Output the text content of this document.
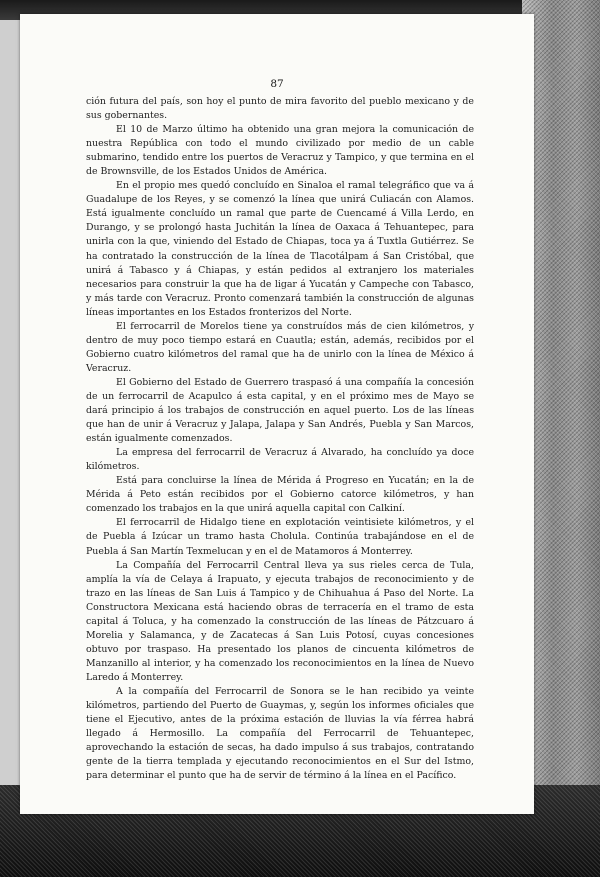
87

ción futura del país, son hoy el punto de mira favorito del pueblo mexicano y de sus gobernantes.

El 10 de Marzo último ha obtenido una gran mejora la comunicación de nuestra República con todo el mundo civilizado por medio de un cable submarino, tendido entre los puertos de Veracruz y Tampico, y que termina en el de Brownsville, de los Estados Unidos de América.

En el propio mes quedó concluído en Sinaloa el ramal telegráfico que va á Guadalupe de los Reyes, y se comenzó la línea que unirá Culiacán con Alamos. Está igualmente concluído un ramal que parte de Cuencamé á Villa Lerdo, en Durango, y se prolongó hasta Juchitán la línea de Oaxaca á Tehuantepec, para unirla con la que, viniendo del Estado de Chiapas, toca ya á Tuxtla Gutiérrez. Se ha contratado la construcción de la línea de Tlacotálpam á San Cristóbal, que unirá á Tabasco y á Chiapas, y están pedidos al extranjero los materiales necesarios para construir la que ha de ligar á Yucatán y Campeche con Tabasco, y más tarde con Veracruz. Pronto comenzará también la construcción de algunas líneas importantes en los Estados fronterizos del Norte.

El ferrocarril de Morelos tiene ya construídos más de cien kilómetros, y dentro de muy poco tiempo estará en Cuautla; están, además, recibidos por el Gobierno cuatro kilómetros del ramal que ha de unirlo con la línea de México á Veracruz.

El Gobierno del Estado de Guerrero traspasó á una compañía la concesión de un ferrocarril de Acapulco á esta capital, y en el próximo mes de Mayo se dará principio á los trabajos de construcción en aquel puerto. Los de las líneas que han de unir á Veracruz y Jalapa, Jalapa y San Andrés, Puebla y San Marcos, están igualmente comenzados.

La empresa del ferrocarril de Veracruz á Alvarado, ha concluído ya doce kilómetros.

Está para concluirse la línea de Mérida á Progreso en Yucatán; en la de Mérida á Peto están recibidos por el Gobierno catorce kilómetros, y han comenzado los trabajos en la que unirá aquella capital con Calkiní.

El ferrocarril de Hidalgo tiene en explotación veintisiete kilómetros, y el de Puebla á Izúcar un tramo hasta Cholula. Continúa trabajándose en el de Puebla á San Martín Texmelucan y en el de Matamoros á Monterrey.

La Compañía del Ferrocarril Central lleva ya sus rieles cerca de Tula, amplía la vía de Celaya á Irapuato, y ejecuta trabajos de reconocimiento y de trazo en las líneas de San Luis á Tampico y de Chihuahua á Paso del Norte. La Constructora Mexicana está haciendo obras de terracería en el tramo de esta capital á Toluca, y ha comenzado la construcción de las líneas de Pátzcuaro á Morelia y Salamanca, y de Zacatecas á San Luis Potosí, cuyas concesiones obtuvo por traspaso. Ha presentado los planos de cincuenta kilómetros de Manzanillo al interior, y ha comenzado los reconocimientos en la línea de Nuevo Laredo á Monterrey.

A la compañía del Ferrocarril de Sonora se le han recibido ya veinte kilómetros, partiendo del Puerto de Guaymas, y, según los informes oficiales que tiene el Ejecutivo, antes de la próxima estación de lluvias la vía férrea habrá llegado á Hermosillo. La compañía del Ferrocarril de Tehuantepec, aprovechando la estación de secas, ha dado impulso á sus trabajos, contratando gente de la tierra templada y ejecutando reconocimientos en el Sur del Istmo, para determinar el punto que ha de servir de término á la línea en el Pacífico.
